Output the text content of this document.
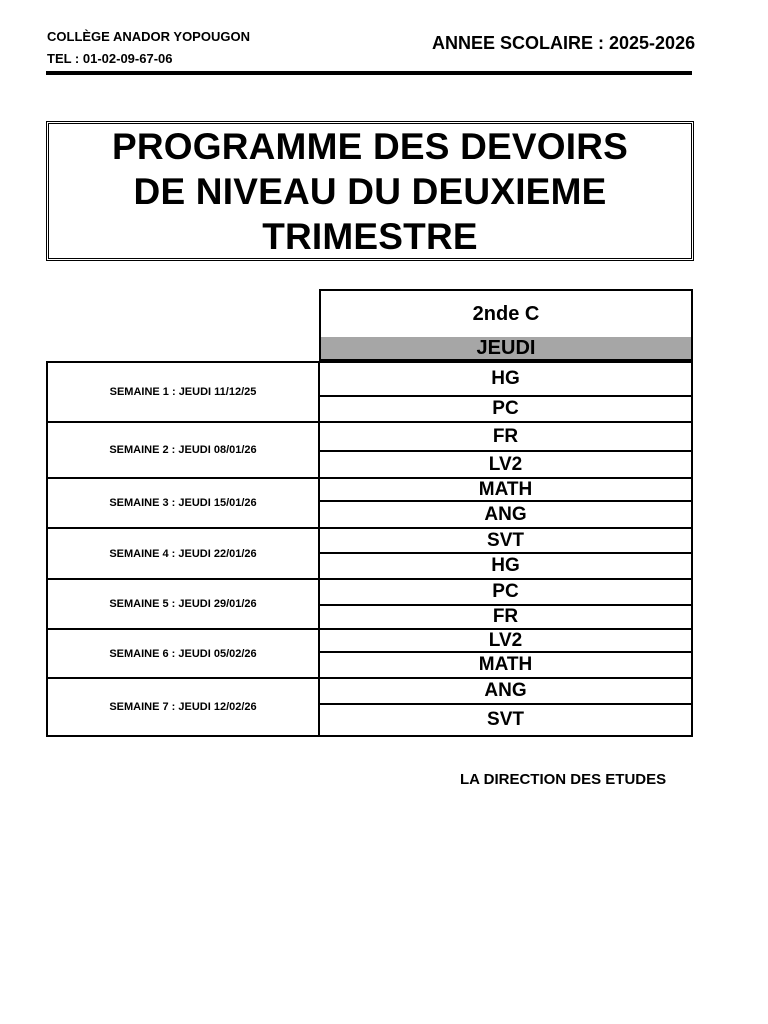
COLLÈGE ANADOR YOPOUGON
TEL : 01-02-09-67-06
ANNEE SCOLAIRE : 2025-2026
PROGRAMME DES DEVOIRS
DE NIVEAU DU DEUXIEME
TRIMESTRE
2nde C
JEUDI
SEMAINE 1 : JEUDI 11/12/25	HG
	PC
SEMAINE 2 : JEUDI 08/01/26	FR
	LV2
SEMAINE 3 : JEUDI 15/01/26	MATH
	ANG
SEMAINE 4 : JEUDI 22/01/26	SVT
	HG
SEMAINE 5 : JEUDI 29/01/26	PC
	FR
SEMAINE 6 : JEUDI 05/02/26	LV2
	MATH
SEMAINE 7 : JEUDI 12/02/26	ANG
	SVT
LA DIRECTION DES ETUDES
